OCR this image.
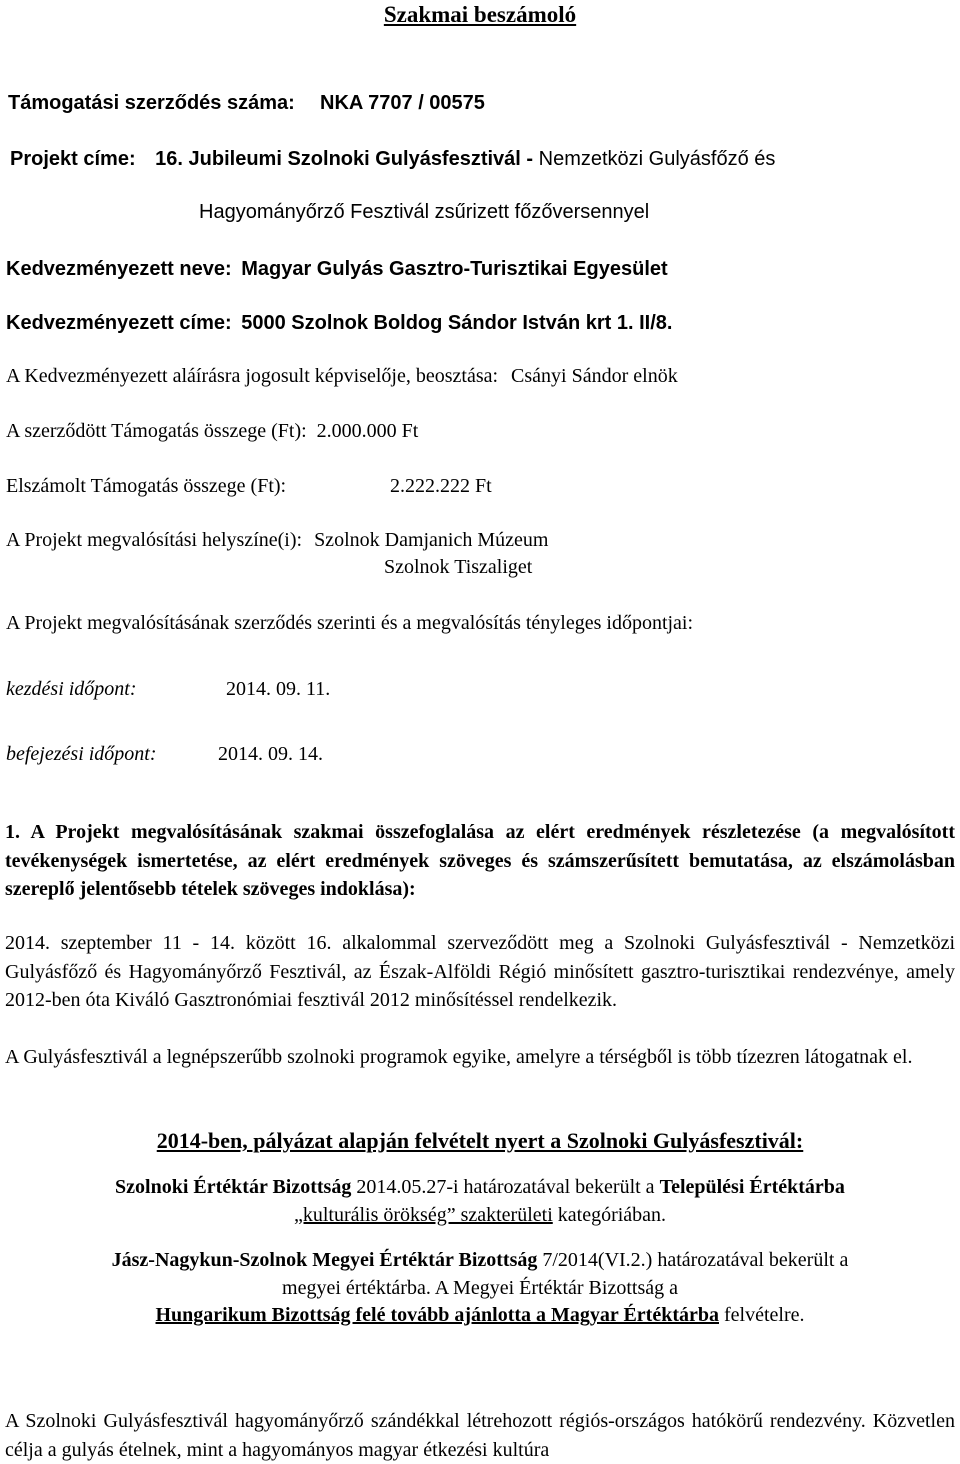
Szakmai beszámoló
Támogatási szerződés száma: NKA 7707 / 00575
Projekt címe: 16. Jubileumi Szolnoki Gulyásfesztivál - Nemzetközi Gulyásfőző és
Hagyományőrző Fesztivál zsűrizett főzőversennyel
Kedvezményezett neve: Magyar Gulyás Gasztro-Turisztikai Egyesület
Kedvezményezett címe: 5000 Szolnok Boldog Sándor István krt 1. II/8.
A Kedvezményezett aláírásra jogosult képviselője, beosztása: Csányi Sándor elnök
A szerződött Támogatás összege (Ft): 2.000.000 Ft
Elszámolt Támogatás összege (Ft):	2.222.222 Ft
A Projekt megvalósítási helyszíne(i): Szolnok Damjanich Múzeum
Szolnok Tiszaliget
A Projekt megvalósításának szerződés szerinti és a megvalósítás tényleges időpontjai:
kezdési időpont:	2014. 09. 11.
befejezési időpont:	2014. 09. 14.
1. A Projekt megvalósításának szakmai összefoglalása az elért eredmények részletezése (a megvalósított tevékenységek ismertetése, az elért eredmények szöveges és számszerűsített bemutatása, az elszámolásban szereplő jelentősebb tételek szöveges indoklása):
2014. szeptember 11 - 14. között 16. alkalommal szerveződött meg a Szolnoki Gulyásfesztivál - Nemzetközi Gulyásfőző és Hagyományőrző Fesztivál, az Észak-Alföldi Régió minősített gasztro-turisztikai rendezvénye, amely 2012-ben óta Kiváló Gasztronómiai fesztivál 2012 minősítéssel rendelkezik.
A Gulyásfesztivál a legnépszerűbb szolnoki programok egyike, amelyre a térségből is több tízezren látogatnak el.
2014-ben, pályázat alapján felvételt nyert a Szolnoki Gulyásfesztivál:
Szolnoki Értéktár Bizottság 2014.05.27-i határozatával bekerült a Települési Értéktárba
„kulturális örökség” szakterületi kategóriában.
Jász-Nagykun-Szolnok Megyei Értéktár Bizottság 7/2014(VI.2.) határozatával bekerült a
megyei értéktárba. A Megyei Értéktár Bizottság a
Hungarikum Bizottság felé tovább ajánlotta a Magyar Értéktárba felvételre.
A Szolnoki Gulyásfesztivál hagyományőrző szándékkal létrehozott régiós-országos hatókörű rendezvény. Közvetlen célja a gulyás ételnek, mint a hagyományos magyar étkezési kultúra
